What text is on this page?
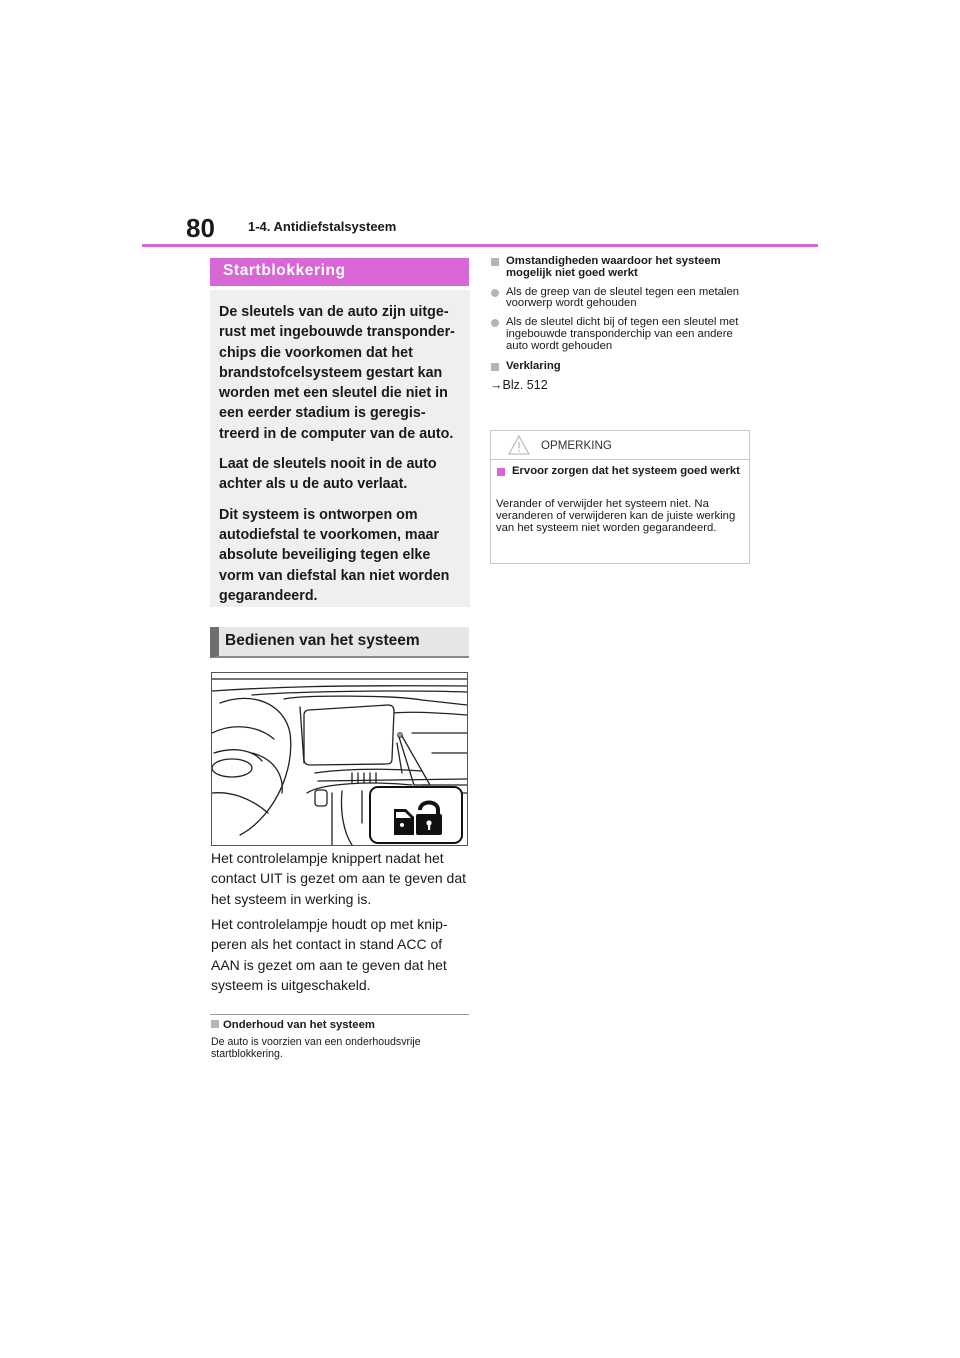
80	1-4. Antidiefstalsysteem
Startblokkering

De sleutels van de auto zijn uitge-rust met ingebouwde transponder-chips die voorkomen dat het brandstofcelsysteem gestart kan worden met een sleutel die niet in een eerder stadium is geregis-treerd in de computer van de auto.

Laat de sleutels nooit in de auto achter als u de auto verlaat.

Dit systeem is ontworpen om autodiefstal te voorkomen, maar absolute beveiliging tegen elke vorm van diefstal kan niet worden gegarandeerd.

Bedienen van het systeem

Het controlelampje knippert nadat het contact UIT is gezet om aan te geven dat het systeem in werking is.

Het controlelampje houdt op met knip-peren als het contact in stand ACC of AAN is gezet om aan te geven dat het systeem is uitgeschakeld.

Onderhoud van het systeem

De auto is voorzien van een onderhoudsvrije startblokkering.

Omstandigheden waardoor het systeem mogelijk niet goed werkt
Als de greep van de sleutel tegen een metalen voorwerp wordt gehouden
Als de sleutel dicht bij of tegen een sleutel met ingebouwde transponderchip van een andere auto wordt gehouden
Verklaring
→Blz. 512
OPMERKING
Ervoor zorgen dat het systeem goed werkt

Verander of verwijder het systeem niet. Na veranderen of verwijderen kan de juiste werking van het systeem niet worden gegarandeerd.
